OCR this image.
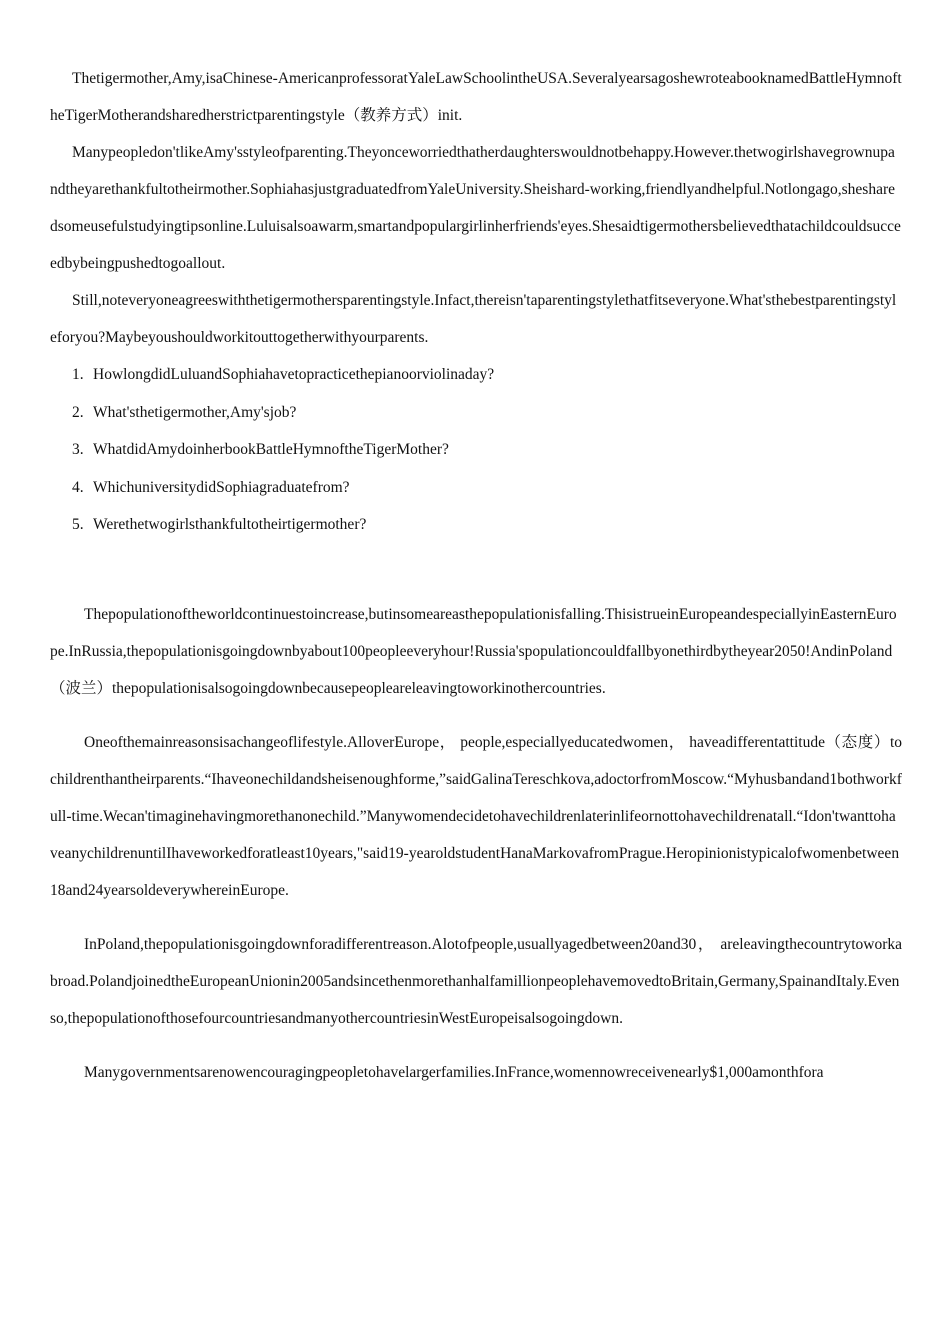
Thetigermother,Amy,isaChinese-AmericanprofessoratYaleLawSchoolintheUSA.SeveralyearsagoshewroteabooknamedBattleHymnoftheTigerMotherandsharedherstrictparentingstyle（教养方式）init.

Manypeopledon'tlikeAmy'sstyleofparenting.Theyonceworriedthatherdaughterswouldnotbehappy.However.thetwogirlshavegrownupandtheyarethankfultotheirmother.SophiahasjustgraduatedfromYaleUniversity.Sheishard-working,friendlyandhelpful.Notlongago,shesharedsomeusefulstudyingtipsonline.Luluisalsoawarm,smartandpopulargirlinherfriends'eyes.Shesaidtigermothersbelievedthatachildcouldsucceedbybeingpushedtogoallout.

Still,noteveryoneagreeswiththetigermothersparentingstyle.Infact,thereisn'taparentingstylethatfitseveryone.What'sthebestparentingstyleforyou?Maybeyoushouldworkitouttogetherwithyourparents.

1. HowlongdidLuluandSophiahavetopracticethepianoorviolinaday?
2. What'sthetigermother,Amy'sjob?
3. WhatdidAmydoinherbookBattleHymnoftheTigerMother?
4. WhichuniversitydidSophiagraduatefrom?
5. Werethetwogirlsthankfultotheirtigermother?

Thepopulationoftheworldcontinuestoincrease,butinsomeareasthepopulationisfalling.ThisistrueinEuropeandespeciallyinEasternEurope.InRussia,thepopulationisgoingdownbyabout100peopleeveryhour!Russia'spopulationcouldfallbyonethirdbytheyear2050!AndinPoland（波兰）thepopulationisalsogoingdownbecausepeopleareleavingtoworkinothercountries.

Oneofthemainreasonsisachangeoflifestyle.AlloverEurope， people,especiallyeducatedwomen， haveadifferentattitude（态度）tochildrenthantheirparents.“Ihaveonechildandsheisenoughforme,”saidGalinaTereschkova,adoctorfromMoscow.“Myhusbandand1bothworkfull-time.Wecan'timaginehavingmorethanonechild.”Manywomendecidetohavechildrenlaterinlifeornottohavechildrenatall.“Idon'twanttohaveanychildrenuntilIhaveworkedforatleast10years,"said19-yearoldstudentHanaMarkovafromPrague.Heropinionistypicalofwomenbetween18and24yearsoldeverywhereinEurope.

InPoland,thepopulationisgoingdownforadifferentreason.Alotofpeople,usuallyagedbetween20and30， areleavingthecountrytoworkabroad.PolandjoinedtheEuropeanUnionin2005andsincethenmorethanhalfamillionpeoplehavemovedtoBritain,Germany,SpainandItaly.Evenso,thepopulationofthosefourcountriesandmanyothercountriesinWestEuropeisalsogoingdown.

Manygovernmentsarenowencouragingpeopletohavelargerfamilies.InFrance,womennowreceivenearly$1,000amonthfora
